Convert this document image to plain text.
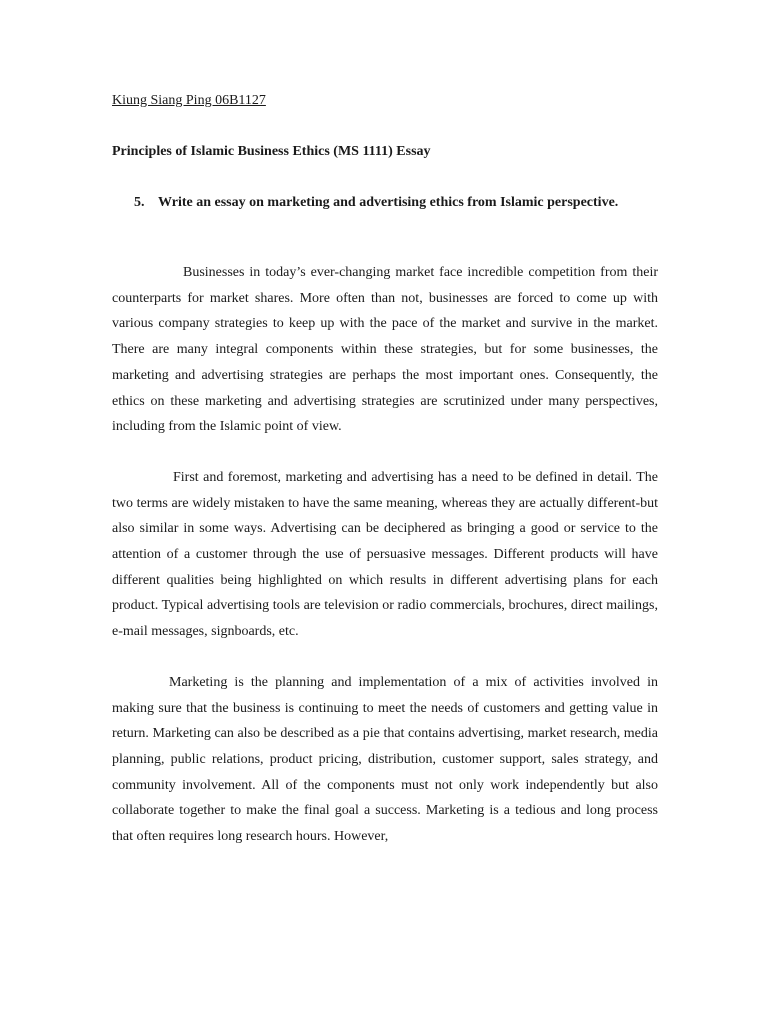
Kiung Siang Ping 06B1127

Principles of Islamic Business Ethics (MS 1111) Essay

5. Write an essay on marketing and advertising ethics from Islamic perspective.

Businesses in today’s ever-changing market face incredible competition from their counterparts for market shares. More often than not, businesses are forced to come up with various company strategies to keep up with the pace of the market and survive in the market. There are many integral components within these strategies, but for some businesses, the marketing and advertising strategies are perhaps the most important ones. Consequently, the ethics on these marketing and advertising strategies are scrutinized under many perspectives, including from the Islamic point of view.

First and foremost, marketing and advertising has a need to be defined in detail. The two terms are widely mistaken to have the same meaning, whereas they are actually different-but also similar in some ways. Advertising can be deciphered as bringing a good or service to the attention of a customer through the use of persuasive messages. Different products will have different qualities being highlighted on which results in different advertising plans for each product. Typical advertising tools are television or radio commercials, brochures, direct mailings, e-mail messages, signboards, etc.

Marketing is the planning and implementation of a mix of activities involved in making sure that the business is continuing to meet the needs of customers and getting value in return. Marketing can also be described as a pie that contains advertising, market research, media planning, public relations, product pricing, distribution, customer support, sales strategy, and community involvement. All of the components must not only work independently but also collaborate together to make the final goal a success. Marketing is a tedious and long process that often requires long research hours. However,
